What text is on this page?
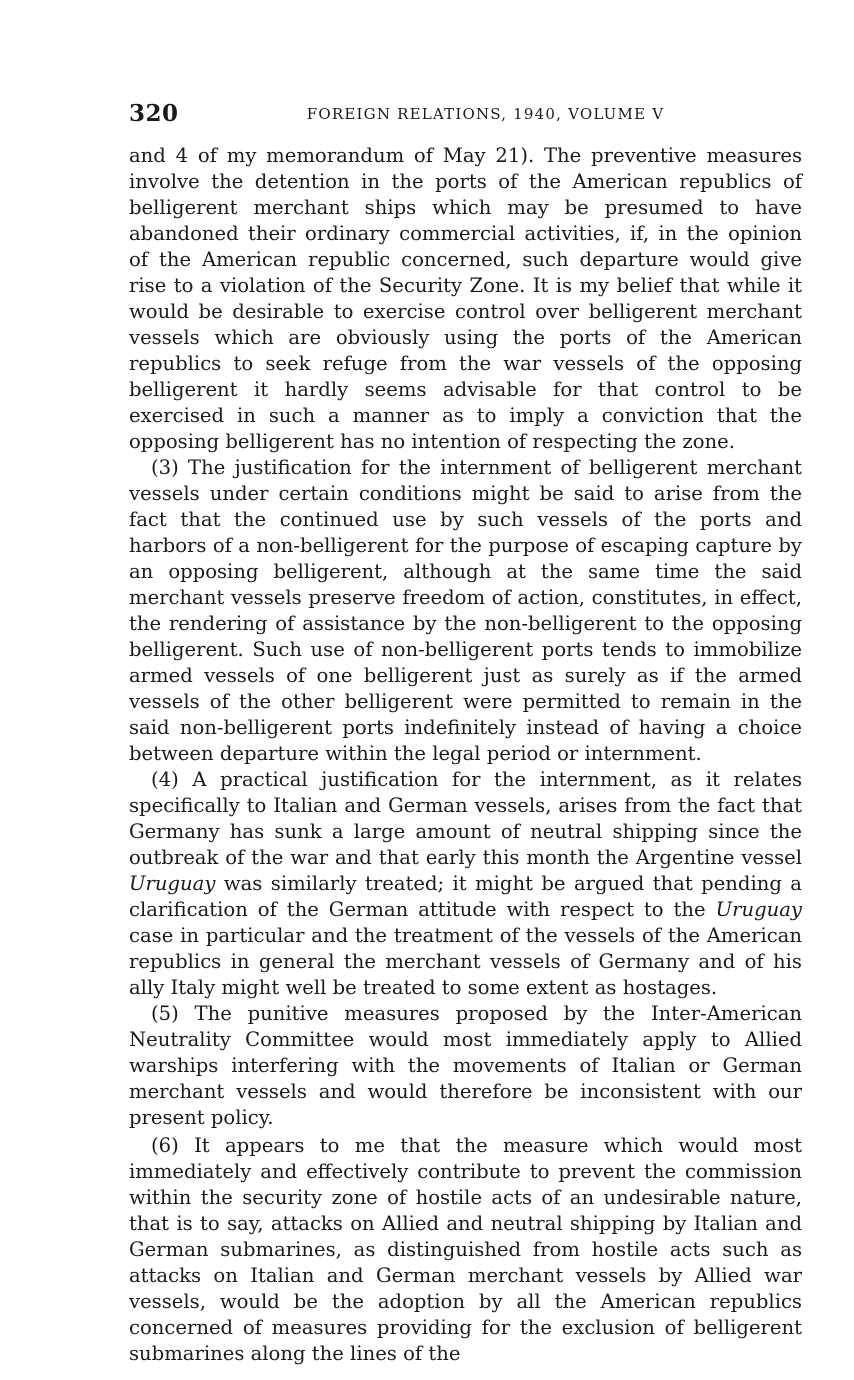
320	FOREIGN RELATIONS, 1940, VOLUME V

and 4 of my memorandum of May 21). The preventive measures involve the detention in the ports of the American republics of belligerent merchant ships which may be presumed to have abandoned their ordinary commercial activities, if, in the opinion of the American republic concerned, such departure would give rise to a violation of the Security Zone. It is my belief that while it would be desirable to exercise control over belligerent merchant vessels which are obviously using the ports of the American republics to seek refuge from the war vessels of the opposing belligerent it hardly seems advisable for that control to be exercised in such a manner as to imply a conviction that the opposing belligerent has no intention of respecting the zone.

(3) The justification for the internment of belligerent merchant vessels under certain conditions might be said to arise from the fact that the continued use by such vessels of the ports and harbors of a non-belligerent for the purpose of escaping capture by an opposing belligerent, although at the same time the said merchant vessels preserve freedom of action, constitutes, in effect, the rendering of assistance by the non-belligerent to the opposing belligerent. Such use of non-belligerent ports tends to immobilize armed vessels of one belligerent just as surely as if the armed vessels of the other belligerent were permitted to remain in the said non-belligerent ports indefinitely instead of having a choice between departure within the legal period or internment.

(4) A practical justification for the internment, as it relates specifically to Italian and German vessels, arises from the fact that Germany has sunk a large amount of neutral shipping since the outbreak of the war and that early this month the Argentine vessel Uruguay was similarly treated; it might be argued that pending a clarification of the German attitude with respect to the Uruguay case in particular and the treatment of the vessels of the American republics in general the merchant vessels of Germany and of his ally Italy might well be treated to some extent as hostages.

(5) The punitive measures proposed by the Inter-American Neutrality Committee would most immediately apply to Allied warships interfering with the movements of Italian or German merchant vessels and would therefore be inconsistent with our present policy.

(6) It appears to me that the measure which would most immediately and effectively contribute to prevent the commission within the security zone of hostile acts of an undesirable nature, that is to say, attacks on Allied and neutral shipping by Italian and German submarines, as distinguished from hostile acts such as attacks on Italian and German merchant vessels by Allied war vessels, would be the adoption by all the American republics concerned of measures providing for the exclusion of belligerent submarines along the lines of the
